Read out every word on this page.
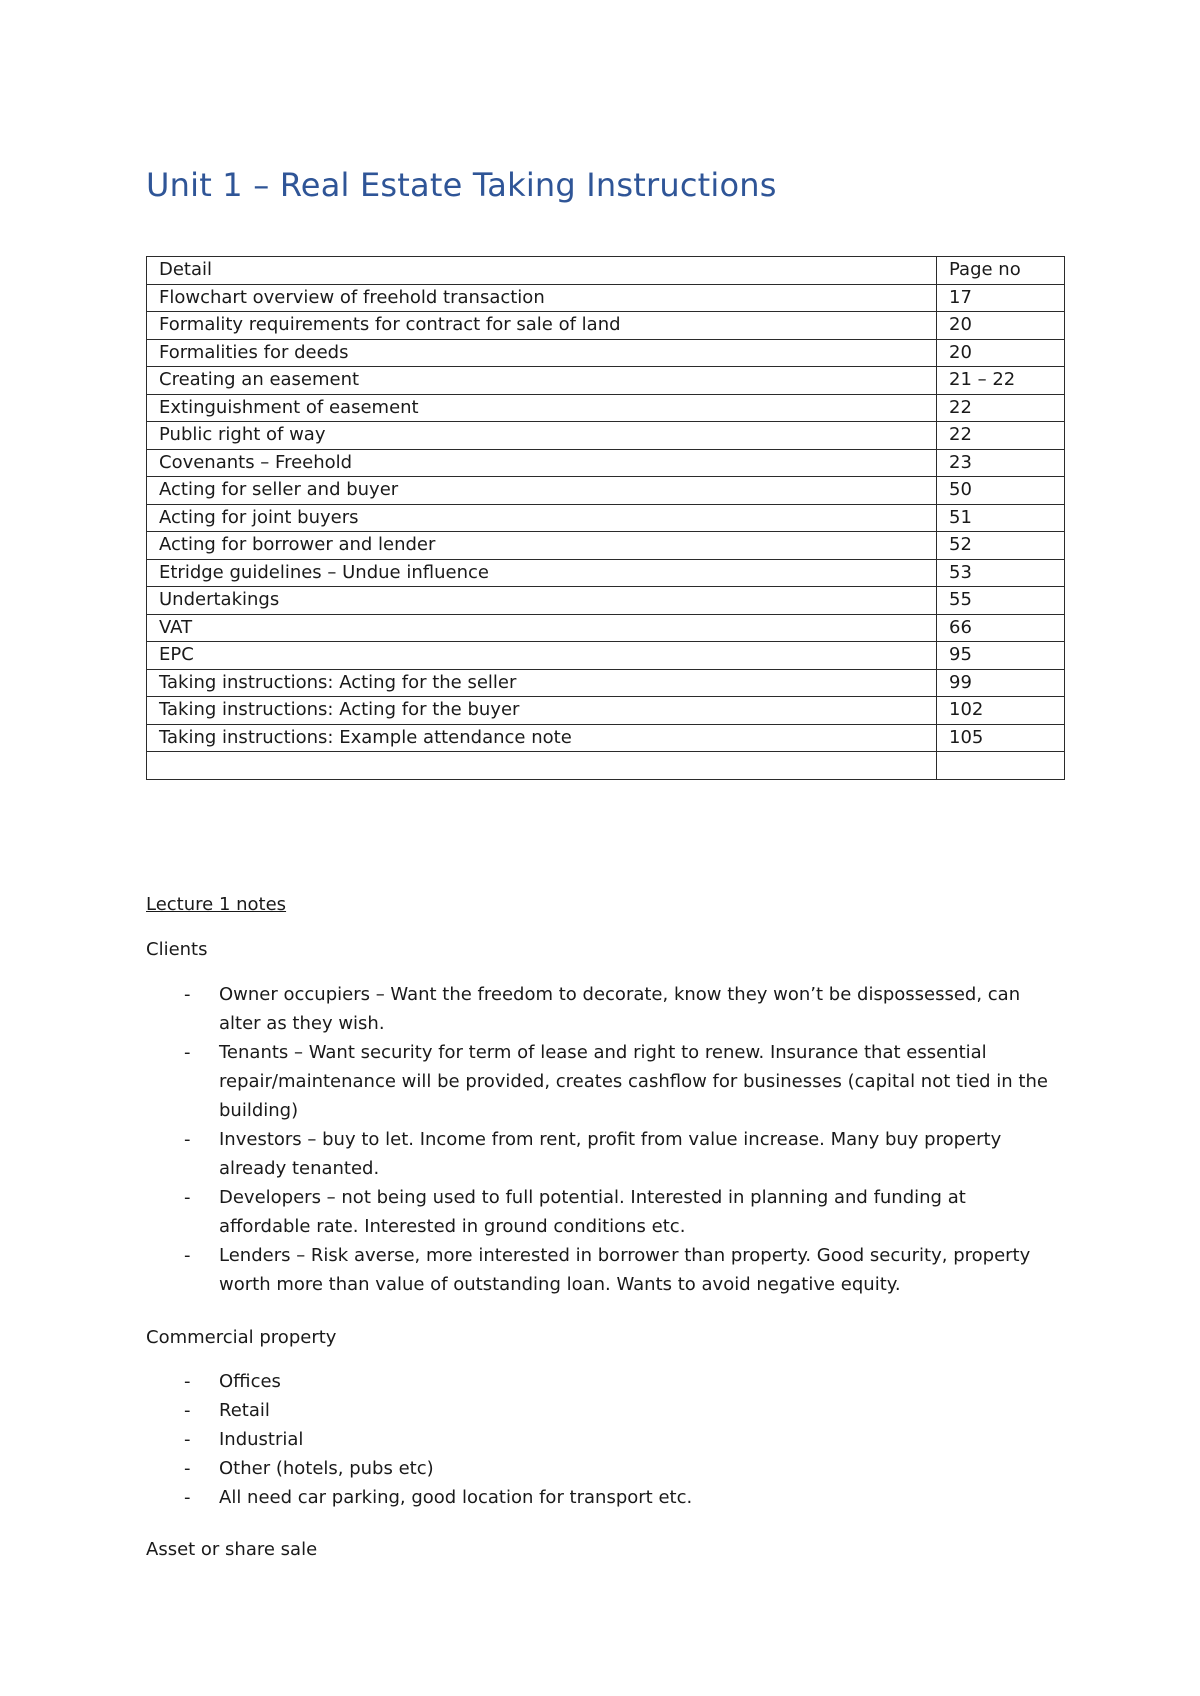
Unit 1 – Real Estate Taking Instructions
Detail	Page no
Flowchart overview of freehold transaction	17
Formality requirements for contract for sale of land	20
Formalities for deeds	20
Creating an easement	21 – 22
Extinguishment of easement	22
Public right of way	22
Covenants – Freehold	23
Acting for seller and buyer	50
Acting for joint buyers	51
Acting for borrower and lender	52
Etridge guidelines – Undue influence	53
Undertakings	55
VAT	66
EPC	95
Taking instructions: Acting for the seller	99
Taking instructions: Acting for the buyer	102
Taking instructions: Example attendance note	105

Lecture 1 notes
Clients
- Owner occupiers – Want the freedom to decorate, know they won’t be dispossessed, can
alter as they wish.
- Tenants – Want security for term of lease and right to renew. Insurance that essential
repair/maintenance will be provided, creates cashflow for businesses (capital not tied in the
building)
- Investors – buy to let. Income from rent, profit from value increase. Many buy property
already tenanted.
- Developers – not being used to full potential. Interested in planning and funding at
affordable rate. Interested in ground conditions etc.
- Lenders – Risk averse, more interested in borrower than property. Good security, property
worth more than value of outstanding loan. Wants to avoid negative equity.
Commercial property
- Offices
- Retail
- Industrial
- Other (hotels, pubs etc)
- All need car parking, good location for transport etc.
Asset or share sale
